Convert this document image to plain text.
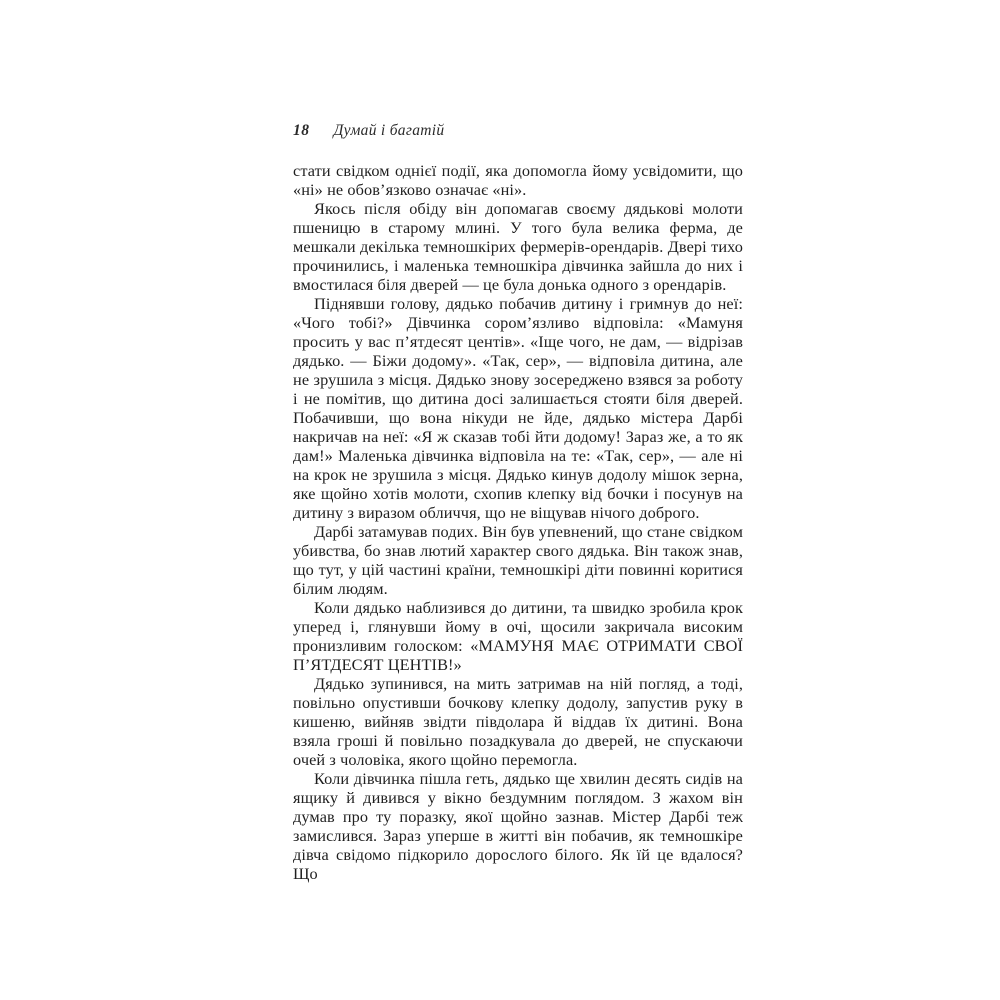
18 Думай і багатій

стати свідком однієї події, яка допомогла йому усвідомити, що «ні» не обов’язково означає «ні».

Якось після обіду він допомагав своєму дядькові молоти пшеницю в старому млині. У того була велика ферма, де мешкали декілька темношкірих фермерів-орендарів. Двері тихо прочинились, і маленька темношкіра дівчинка зайшла до них і вмостилася біля дверей — це була донька одного з орендарів.

Піднявши голову, дядько побачив дитину і гримнув до неї: «Чого тобі?» Дівчинка сором’язливо відповіла: «Мамуня просить у вас п’ятдесят центів». «Іще чого, не дам, — відрізав дядько. — Біжи додому». «Так, сер», — відповіла дитина, але не зрушила з місця. Дядько знову зосереджено взявся за роботу і не помітив, що дитина досі залишається стояти біля дверей. Побачивши, що вона нікуди не йде, дядько містера Дарбі накричав на неї: «Я ж сказав тобі йти додому! Зараз же, а то як дам!» Маленька дівчинка відповіла на те: «Так, сер», — але ні на крок не зрушила з місця. Дядько кинув додолу мішок зерна, яке щойно хотів молоти, схопив клепку від бочки і посунув на дитину з виразом обличчя, що не віщував нічого доброго.

Дарбі затамував подих. Він був упевнений, що стане свідком убивства, бо знав лютий характер свого дядька. Він також знав, що тут, у цій частині країни, темношкірі діти повинні коритися білим людям.

Коли дядько наблизився до дитини, та швидко зробила крок уперед і, глянувши йому в очі, щосили закричала високим пронизливим голоском: «МАМУНЯ МАЄ ОТРИМАТИ СВОЇ П’ЯТДЕСЯТ ЦЕНТІВ!»

Дядько зупинився, на мить затримав на ній погляд, а тоді, повільно опустивши бочкову клепку додолу, запустив руку в кишеню, вийняв звідти півдолара й віддав їх дитині. Вона взяла гроші й повільно позадкувала до дверей, не спускаючи очей з чоловіка, якого щойно перемогла.

Коли дівчинка пішла геть, дядько ще хвилин десять сидів на ящику й дивився у вікно бездумним поглядом. З жахом він думав про ту поразку, якої щойно зазнав. Містер Дарбі теж замислився. Зараз уперше в житті він побачив, як темношкіре дівча свідомо підкорило дорослого білого. Як їй це вдалося? Що
